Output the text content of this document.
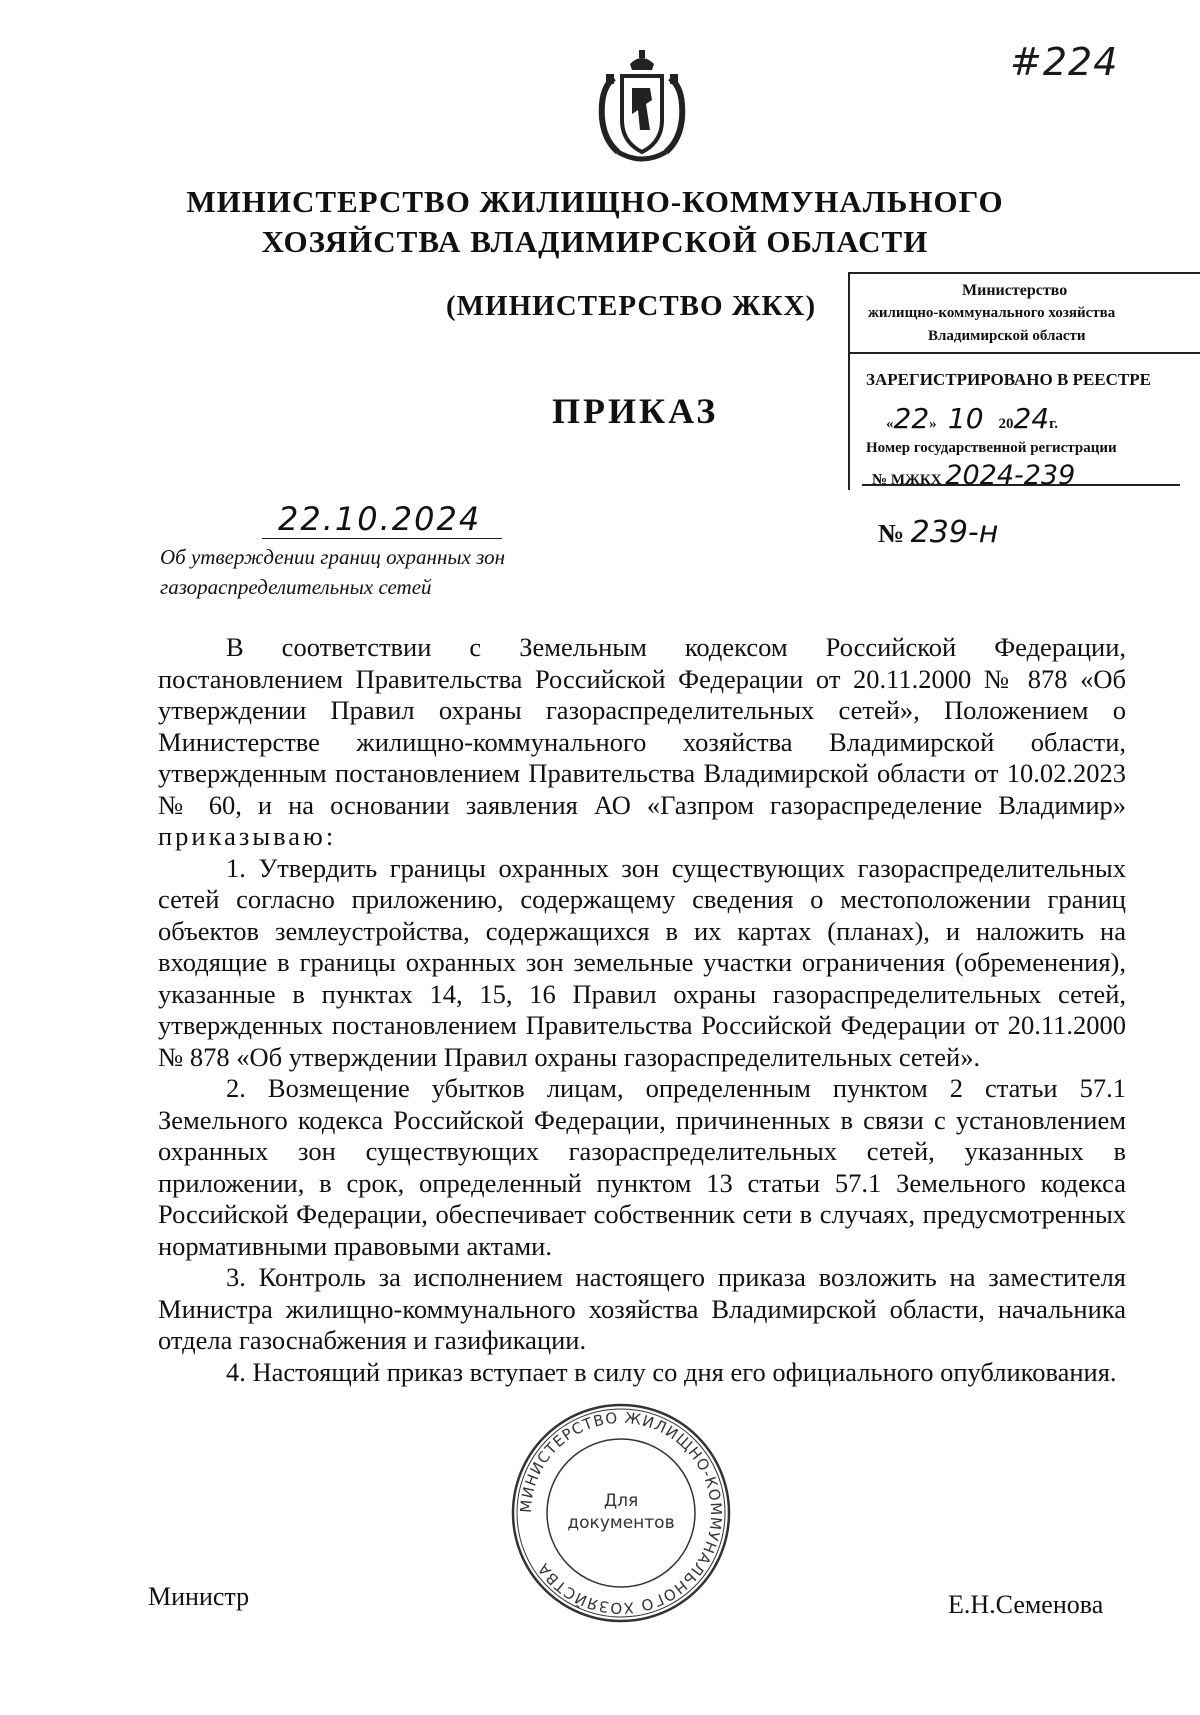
#224
МИНИСТЕРСТВО ЖИЛИЩНО-КОММУНАЛЬНОГО
ХОЗЯЙСТВА ВЛАДИМИРСКОЙ ОБЛАСТИ
(МИНИСТЕРСТВО ЖКХ)
ПРИКАЗ
Министерство
жилищно-коммунального хозяйства
Владимирской области
ЗАРЕГИСТРИРОВАНО В РЕЕСТРЕ
«22» 10 2024г.
Номер государственной регистрации
№ МЖКХ 2024-239
22.10.2024	№ 239-н
Об утверждении границ охранных зон
газораспределительных сетей

В соответствии с Земельным кодексом Российской Федерации, постановлением Правительства Российской Федерации от 20.11.2000 № 878 «Об утверждении Правил охраны газораспределительных сетей», Положением о Министерстве жилищно-коммунального хозяйства Владимирской области, утвержденным постановлением Правительства Владимирской области от 10.02.2023 № 60, и на основании заявления АО «Газпром газораспределение Владимир» приказываю:

1. Утвердить границы охранных зон существующих газораспределительных сетей согласно приложению, содержащему сведения о местоположении границ объектов землеустройства, содержащихся в их картах (планах), и наложить на входящие в границы охранных зон земельные участки ограничения (обременения), указанные в пунктах 14, 15, 16 Правил охраны газораспределительных сетей, утвержденных постановлением Правительства Российской Федерации от 20.11.2000 № 878 «Об утверждении Правил охраны газораспределительных сетей».

2. Возмещение убытков лицам, определенным пунктом 2 статьи 57.1 Земельного кодекса Российской Федерации, причиненных в связи с установлением охранных зон существующих газораспределительных сетей, указанных в приложении, в срок, определенный пунктом 13 статьи 57.1 Земельного кодекса Российской Федерации, обеспечивает собственник сети в случаях, предусмотренных нормативными правовыми актами.

3. Контроль за исполнением настоящего приказа возложить на заместителя Министра жилищно-коммунального хозяйства Владимирской области, начальника отдела газоснабжения и газификации.

4. Настоящий приказ вступает в силу со дня его официального опубликования.

МИНИСТЕРСТВО ЖИЛИЩНО-КОММУНАЛЬНОГО ХОЗЯЙСТВА
Для
документов
Министр	Е.Н.Семенова
